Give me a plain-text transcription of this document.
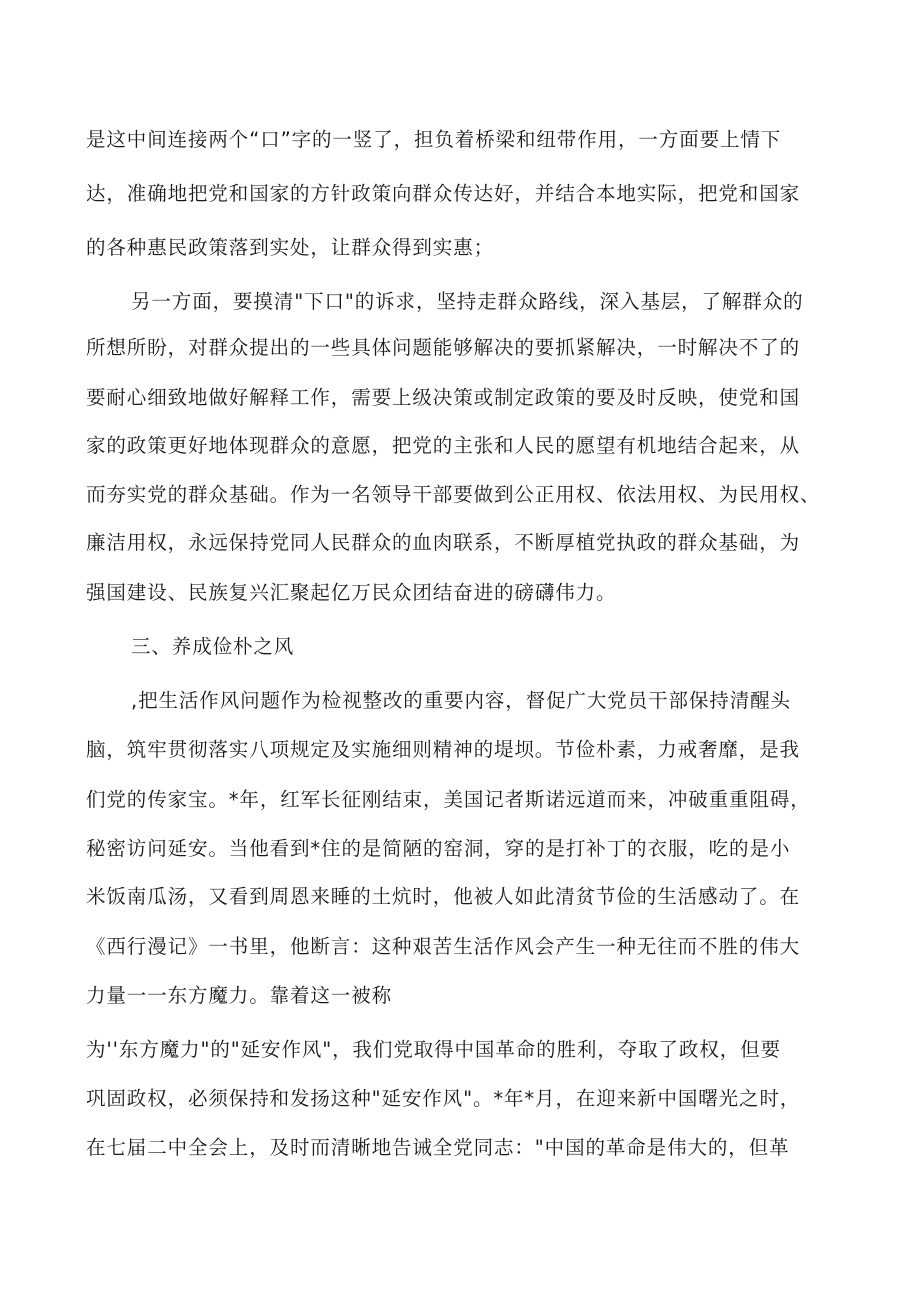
是这中间连接两个“口”字的一竖了，担负着桥梁和纽带作用，一方面要上情下
达，准确地把党和国家的方针政策向群众传达好，并结合本地实际，把党和国家
的各种惠民政策落到实处，让群众得到实惠；
另一方面，要摸清"下口"的诉求，坚持走群众路线，深入基层，了解群众的
所想所盼，对群众提出的一些具体问题能够解决的要抓紧解决，一时解决不了的
要耐心细致地做好解释工作，需要上级决策或制定政策的要及时反映，使党和国
家的政策更好地体现群众的意愿，把党的主张和人民的愿望有机地结合起来，从
而夯实党的群众基础。作为一名领导干部要做到公正用权、依法用权、为民用权、
廉洁用权，永远保持党同人民群众的血肉联系，不断厚植党执政的群众基础，为
强国建设、民族复兴汇聚起亿万民众团结奋进的磅礴伟力。
三、养成俭朴之风
,把生活作风问题作为检视整改的重要内容，督促广大党员干部保持清醒头
脑，筑牢贯彻落实八项规定及实施细则精神的堤坝。节俭朴素，力戒奢靡，是我
们党的传家宝。*年，红军长征刚结束，美国记者斯诺远道而来，冲破重重阻碍，
秘密访问延安。当他看到*住的是简陋的窑洞，穿的是打补丁的衣服，吃的是小
米饭南瓜汤，又看到周恩来睡的土炕时，他被人如此清贫节俭的生活感动了。在
《西行漫记》一书里，他断言：这种艰苦生活作风会产生一种无往而不胜的伟大
力量一一东方魔力。靠着这一被称
为''东方魔力"的"延安作风"，我们党取得中国革命的胜利，夺取了政权，但要
巩固政权，必须保持和发扬这种"延安作风"。*年*月，在迎来新中国曙光之时，
在七届二中全会上，及时而清晰地告诫全党同志："中国的革命是伟大的，但革
